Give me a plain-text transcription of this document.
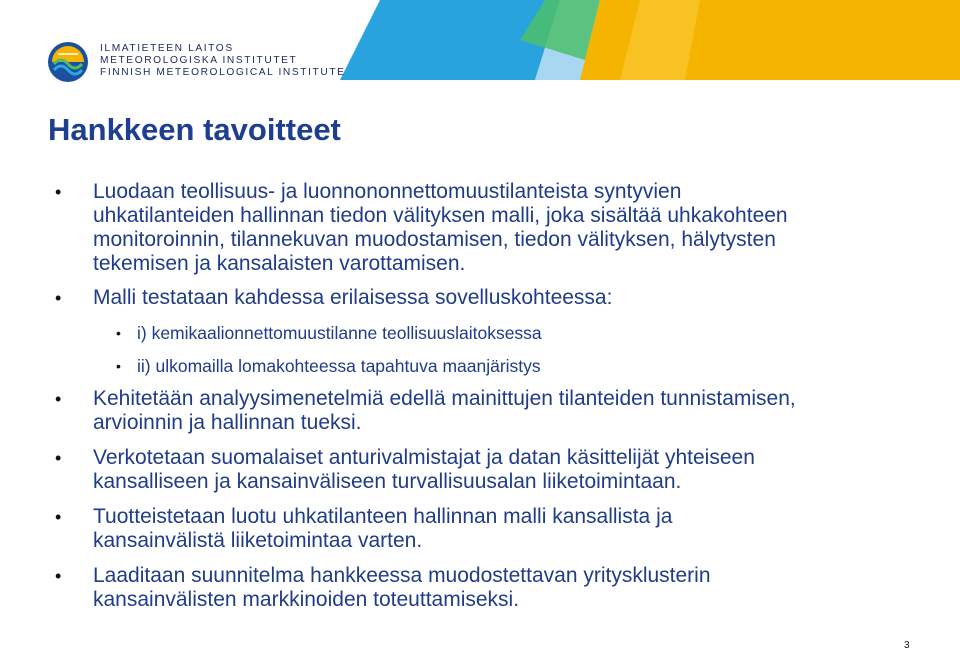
ILMATIETEEN LAITOS
METEOROLOGISKA INSTITUTET
FINNISH METEOROLOGICAL INSTITUTE
Hankkeen tavoitteet
• Luodaan teollisuus- ja luonnononnettomuustilanteista syntyvien
uhkatilanteiden hallinnan tiedon välityksen malli, joka sisältää uhkakohteen
monitoroinnin, tilannekuvan muodostamisen, tiedon välityksen, hälytysten
tekemisen ja kansalaisten varottamisen.
• Malli testataan kahdessa erilaisessa sovelluskohteessa:
• i) kemikaalionnettomuustilanne teollisuuslaitoksessa
• ii) ulkomailla lomakohteessa tapahtuva maanjäristys
• Kehitetään analyysimenetelmiä edellä mainittujen tilanteiden tunnistamisen,
arvioinnin ja hallinnan tueksi.
• Verkotetaan suomalaiset anturivalmistajat ja datan käsittelijät yhteiseen
kansalliseen ja kansainväliseen turvallisuusalan liiketoimintaan.
• Tuotteistetaan luotu uhkatilanteen hallinnan malli kansallista ja
kansainvälistä liiketoimintaa varten.
• Laaditaan suunnitelma hankkeessa muodostettavan yritysklusterin
kansainvälisten markkinoiden toteuttamiseksi.
3
